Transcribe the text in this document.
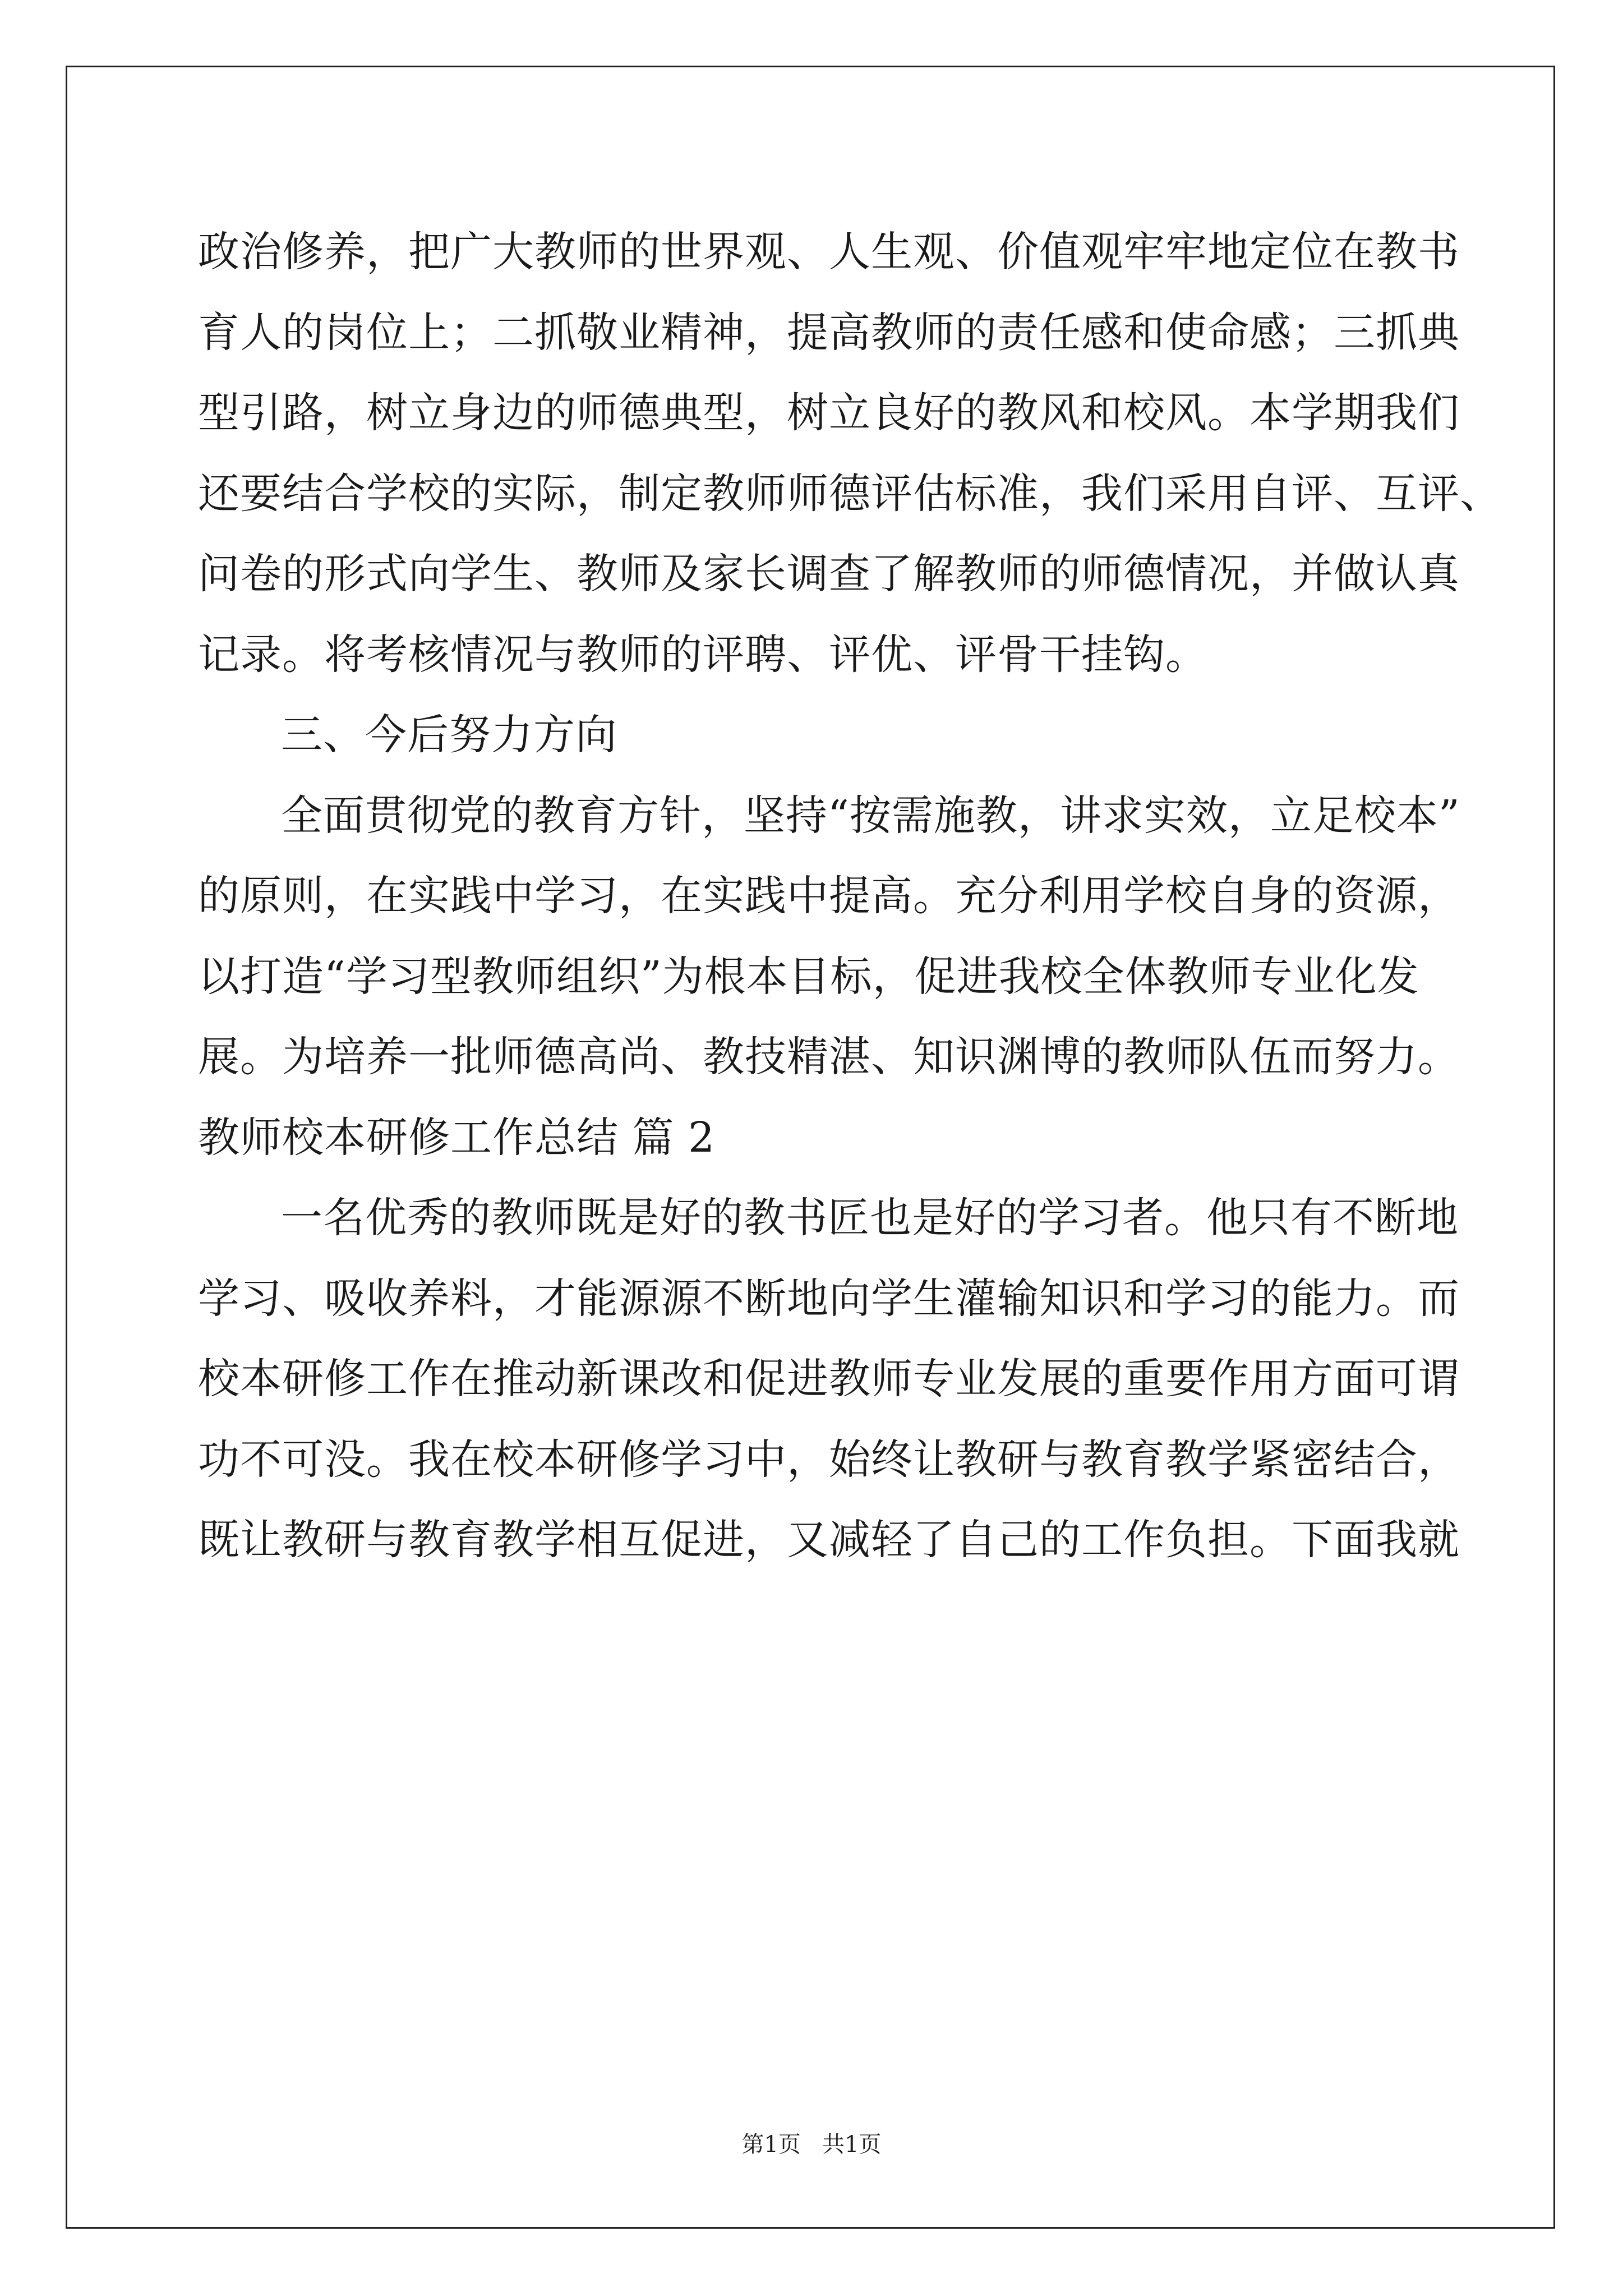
政治修养，把广大教师的世界观、人生观、价值观牢牢地定位在教书
育人的岗位上；二抓敬业精神，提高教师的责任感和使命感；三抓典
型引路，树立身边的师德典型，树立良好的教风和校风。本学期我们
还要结合学校的实际，制定教师师德评估标准，我们采用自评、互评、
问卷的形式向学生、教师及家长调查了解教师的师德情况，并做认真
记录。将考核情况与教师的评聘、评优、评骨干挂钩。
三、今后努力方向
全面贯彻党的教育方针，坚持“按需施教，讲求实效，立足校本”
的原则，在实践中学习，在实践中提高。充分利用学校自身的资源，
以打造“学习型教师组织”为根本目标，促进我校全体教师专业化发
展。为培养一批师德高尚、教技精湛、知识渊博的教师队伍而努力。
教师校本研修工作总结 篇 2
一名优秀的教师既是好的教书匠也是好的学习者。他只有不断地
学习、吸收养料，才能源源不断地向学生灌输知识和学习的能力。而
校本研修工作在推动新课改和促进教师专业发展的重要作用方面可谓
功不可没。我在校本研修学习中，始终让教研与教育教学紧密结合，
既让教研与教育教学相互促进，又减轻了自己的工作负担。下面我就
第1页   共1页
